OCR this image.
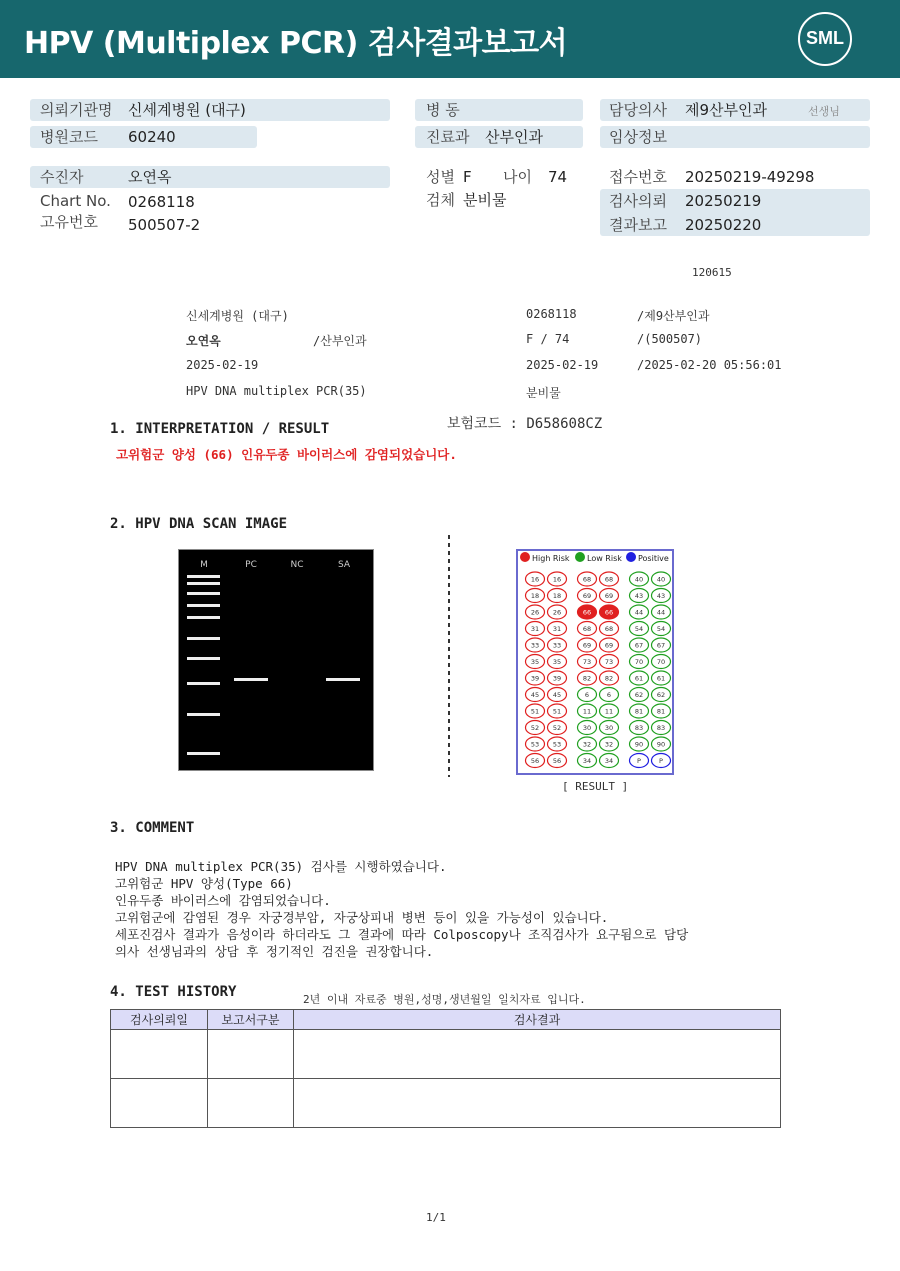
HPV (Multiplex PCR) 검사결과보고서	SML
의뢰기관명 신세계병원 (대구)
병원코드 60240
수진자	오연옥
Chart No. 0268118
고유번호 500507-2
병 동
진료과 산부인과
성별 F 나이 74
검체 분비물
담당의사 제9산부인과	선생님
임상정보
접수번호 20250219-49298
검사의뢰 20250219
결과보고 20250220
120615
신세계병원 (대구)	0268118	/제9산부인과
오연옥	/산부인과	F / 74	/(500507)
2025-02-19	2025-02-19	/2025-02-20 05:56:01
HPV DNA multiplex PCR(35)	분비물
보험코드 : D658608CZ
1. INTERPRETATION / RESULT
고위험군 양성 (66) 인유두종 바이러스에 감염되었습니다.
2. HPV DNA SCAN IMAGE
M	PC	NC	SA
High Risk Low Risk Positive
16 16	68 68	40 40
18 18	69 69	43 43
26 26	66 66	44 44
31 31	68 68	54 54
33 33	69 69	67 67
35 35	73 73	70 70
39 39	82 82	61 61
45 45	6	6	62 62
51 51	11 11	81 81
52 52	30 30	83 83
53 53	32 32	90 90
56 56	34 34	P	P
[ RESULT ]
3. COMMENT
HPV DNA multiplex PCR(35) 검사를 시행하였습니다.
고위험군 HPV 양성(Type 66)
인유두종 바이러스에 감염되었습니다.
고위험군에 감염된 경우 자궁경부암, 자궁상피내 병변 등이 있을 가능성이 있습니다.
세포진검사 결과가 음성이라 하더라도 그 결과에 따라 Colposcopy나 조직검사가 요구됨으로 담당
의사 선생님과의 상담 후 정기적인 검진을 권장합니다.
4. TEST HISTORY	2년 이내 자료중 병원,성명,생년월일 일치자료 입니다.
검사의뢰일	보고서구분	검사결과

1/1
